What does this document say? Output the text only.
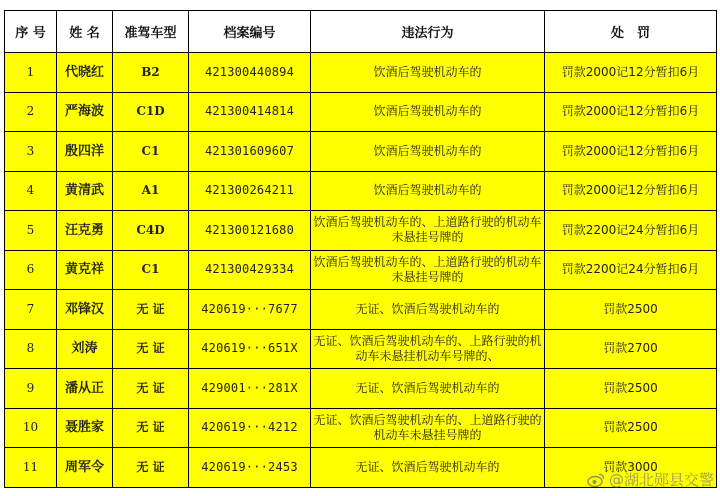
序 号	姓 名	准驾车型	档案编号	违法行为	处　罚
1	代晓红	B2	421300440894	饮酒后驾驶机动车的	罚款2000记12分暂扣6月
2	严海波	C1D	421300414814	饮酒后驾驶机动车的	罚款2000记12分暂扣6月
3	殷四洋	C1	421301609607	饮酒后驾驶机动车的	罚款2000记12分暂扣6月
4	黄清武	A1	421300264211	饮酒后驾驶机动车的	罚款2000记12分暂扣6月
5	汪克勇	C4D	421300121680	饮酒后驾驶机动车的、上道路行驶的机动车未悬挂号牌的	罚款2200记24分暂扣6月
6	黄克祥	C1	421300429334	饮酒后驾驶机动车的、上道路行驶的机动车未悬挂号牌的	罚款2200记24分暂扣6月
7	邓锋汉	无 证	420619···7677	无证、饮酒后驾驶机动车的	罚款2500
8	刘涛	无 证	420619···651X	无证、饮酒后驾驶机动车的、上路行驶的机动车未悬挂机动车号牌的、	罚款2700
9	潘从正	无 证	429001···281X	无证、饮酒后驾驶机动车的	罚款2500
10	聂胜家	无 证	420619···4212	无证、饮酒后驾驶机动车的、上道路行驶的机动车未悬挂号牌的	罚款2500
11	周军令	无 证	420619···2453	无证、饮酒后驾驶机动车的	罚款3000
@湖北郧县交警
